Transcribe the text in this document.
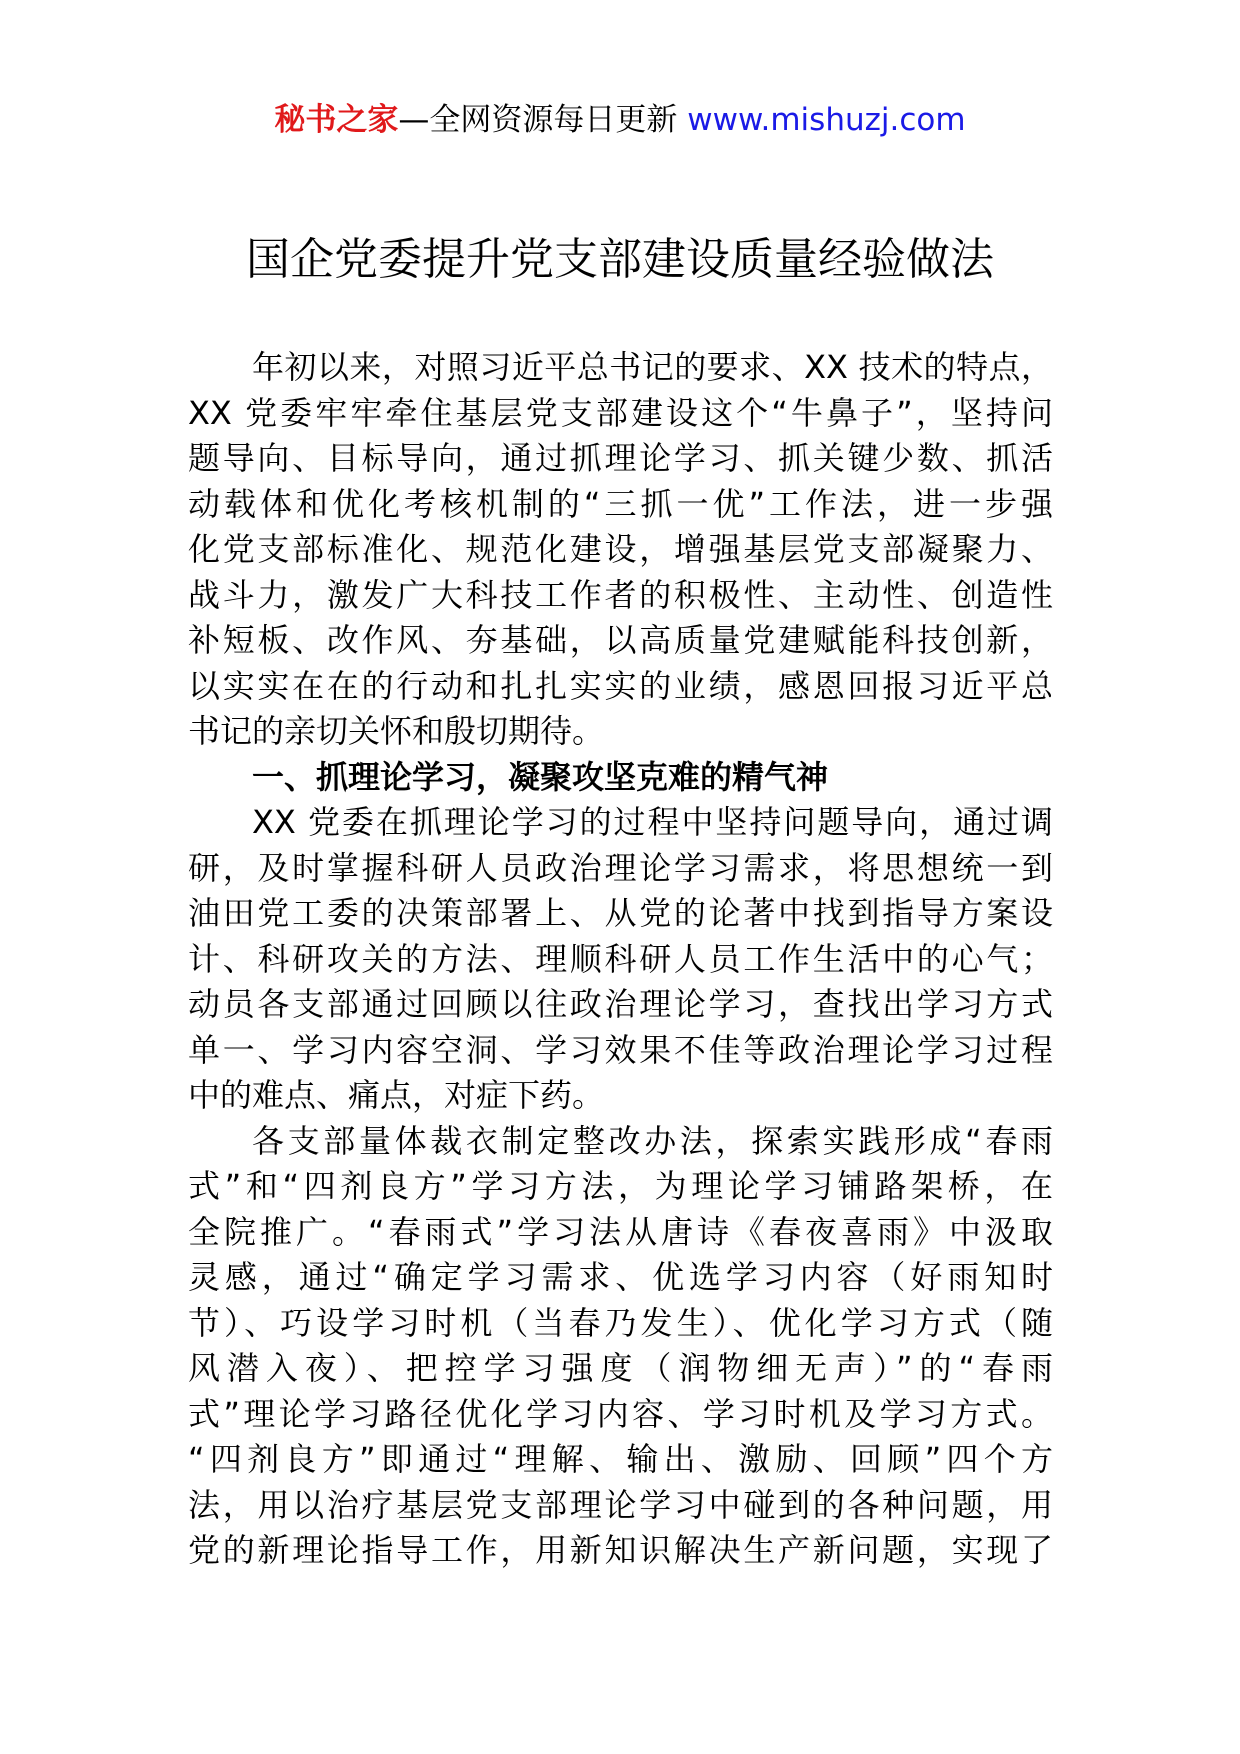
秘书之家—全网资源每日更新 www.mishuzj.com
国企党委提升党支部建设质量经验做法
年初以来，对照习近平总书记的要求、XX 技术的特点，
XX 党委牢牢牵住基层党支部建设这个“牛鼻子”，坚持问
题导向、目标导向，通过抓理论学习、抓关键少数、抓活
动载体和优化考核机制的“三抓一优”工作法，进一步强
化党支部标准化、规范化建设，增强基层党支部凝聚力、
战斗力，激发广大科技工作者的积极性、主动性、创造性
补短板、改作风、夯基础，以高质量党建赋能科技创新，
以实实在在的行动和扎扎实实的业绩，感恩回报习近平总
书记的亲切关怀和殷切期待。
一、抓理论学习，凝聚攻坚克难的精气神
XX 党委在抓理论学习的过程中坚持问题导向，通过调
研，及时掌握科研人员政治理论学习需求，将思想统一到
油田党工委的决策部署上、从党的论著中找到指导方案设
计、科研攻关的方法、理顺科研人员工作生活中的心气；
动员各支部通过回顾以往政治理论学习，查找出学习方式
单一、学习内容空洞、学习效果不佳等政治理论学习过程
中的难点、痛点，对症下药。
各支部量体裁衣制定整改办法，探索实践形成“春雨
式”和“四剂良方”学习方法，为理论学习铺路架桥，在
全院推广。“春雨式”学习法从唐诗《春夜喜雨》中汲取
灵感，通过“确定学习需求、优选学习内容（好雨知时
节）、巧设学习时机（当春乃发生）、优化学习方式（随
风潜入夜）、把控学习强度（润物细无声）”的“春雨
式”理论学习路径优化学习内容、学习时机及学习方式。
“四剂良方”即通过“理解、输出、激励、回顾”四个方
法，用以治疗基层党支部理论学习中碰到的各种问题，用
党的新理论指导工作，用新知识解决生产新问题，实现了
